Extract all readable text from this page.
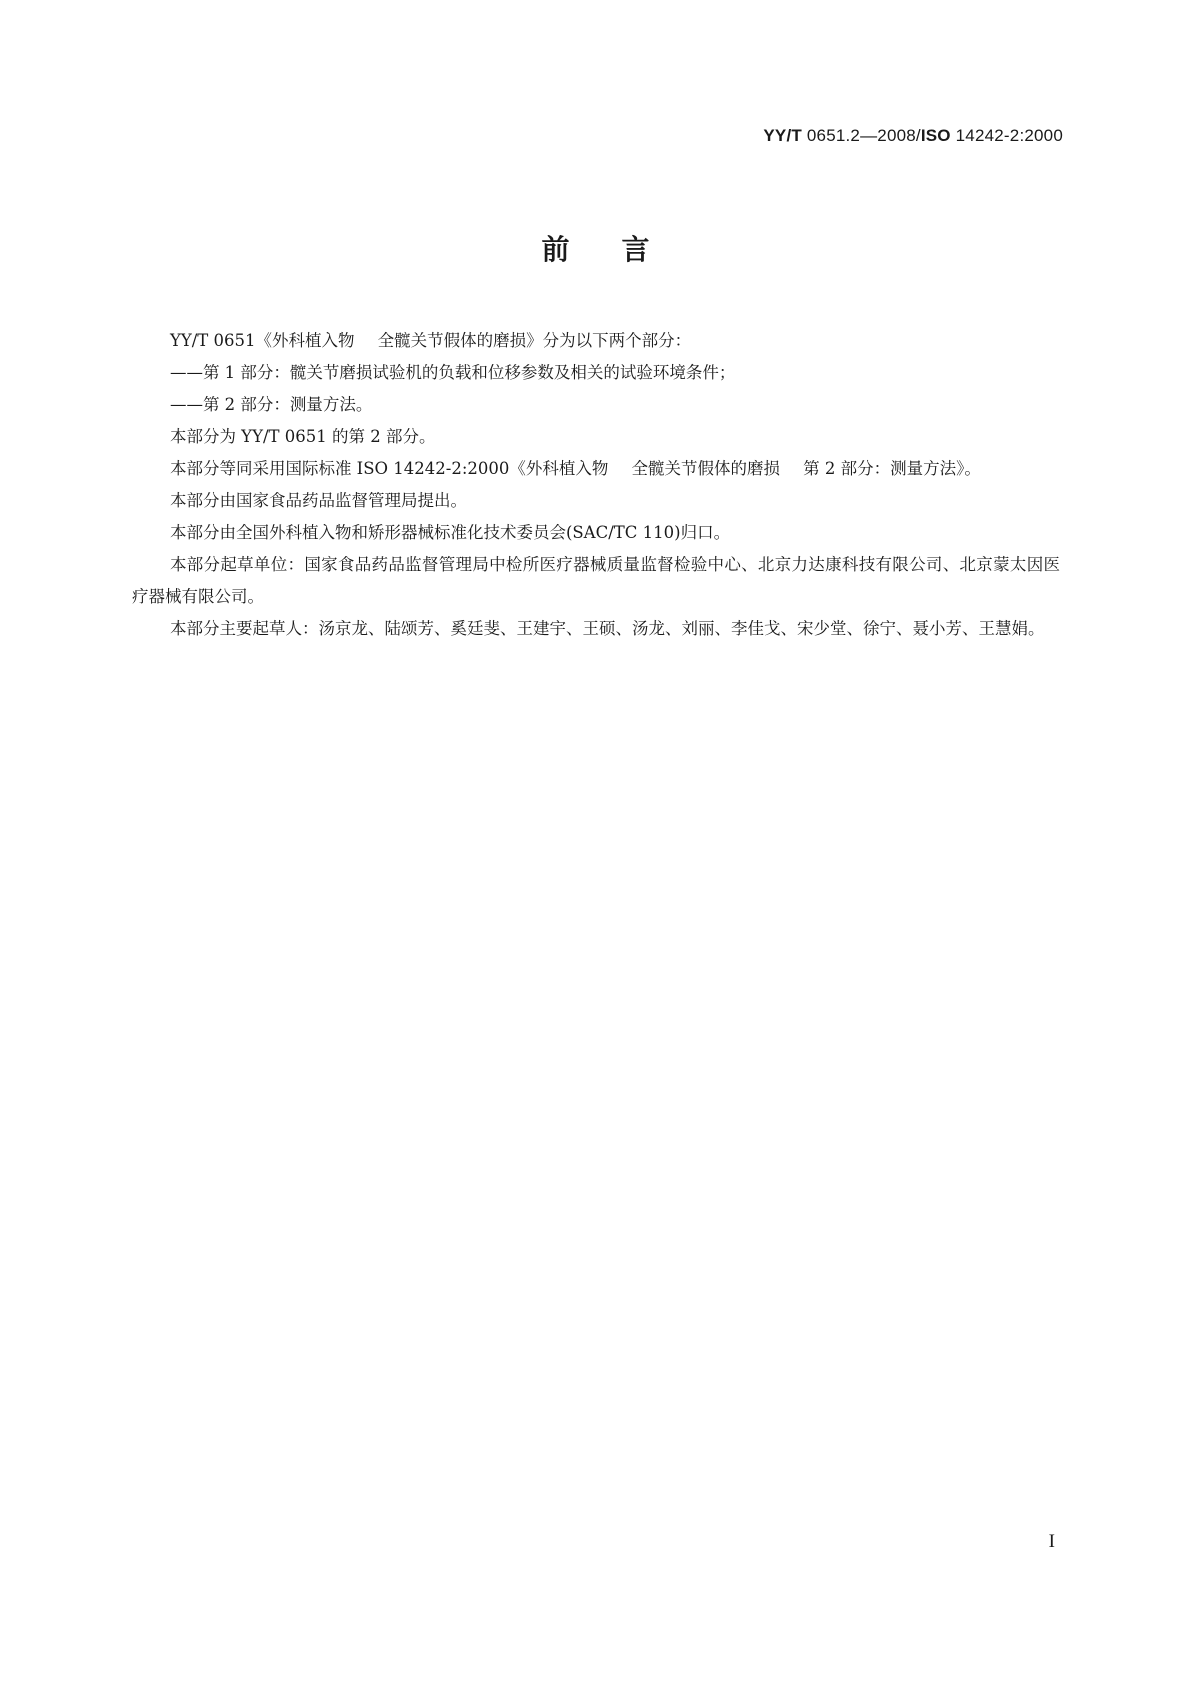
YY/T 0651.2—2008/ISO 14242-2:2000
前言

YY/T 0651《外科植入物 全髋关节假体的磨损》分为以下两个部分：

——第 1 部分：髋关节磨损试验机的负载和位移参数及相关的试验环境条件；

——第 2 部分：测量方法。

本部分为 YY/T 0651 的第 2 部分。

本部分等同采用国际标准 ISO 14242-2:2000《外科植入物 全髋关节假体的磨损 第 2 部分：测量方法》。

本部分由国家食品药品监督管理局提出。

本部分由全国外科植入物和矫形器械标准化技术委员会(SAC/TC 110)归口。

本部分起草单位：国家食品药品监督管理局中检所医疗器械质量监督检验中心、北京力达康科技有限公司、北京蒙太因医疗器械有限公司。

本部分主要起草人：汤京龙、陆颂芳、奚廷斐、王建宇、王硕、汤龙、刘丽、李佳戈、宋少堂、徐宁、聂小芳、王慧娟。

I
